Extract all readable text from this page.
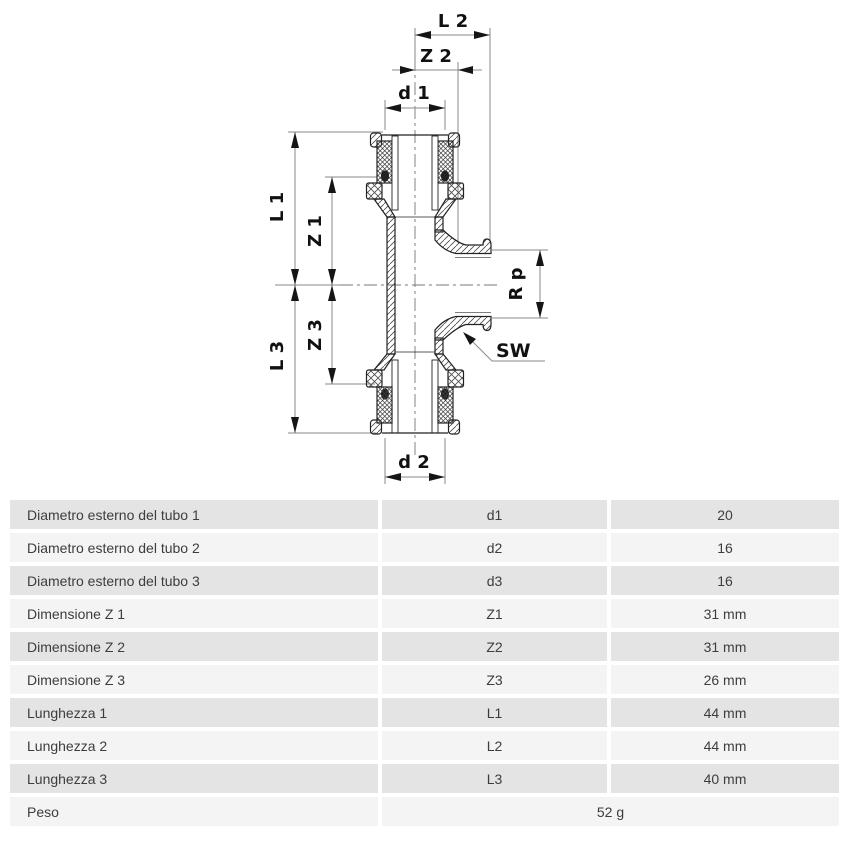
L 2
Z 2
d 1
d 2
L 1
Z 1
Z 3
L 3
R p
SW
Diametro esterno del tubo 1	d1	20
Diametro esterno del tubo 2	d2	16
Diametro esterno del tubo 3	d3	16
Dimensione Z 1	Z1	31 mm
Dimensione Z 2	Z2	31 mm
Dimensione Z 3	Z3	26 mm
Lunghezza 1	L1	44 mm
Lunghezza 2	L2	44 mm
Lunghezza 3	L3	40 mm
Peso	52 g
